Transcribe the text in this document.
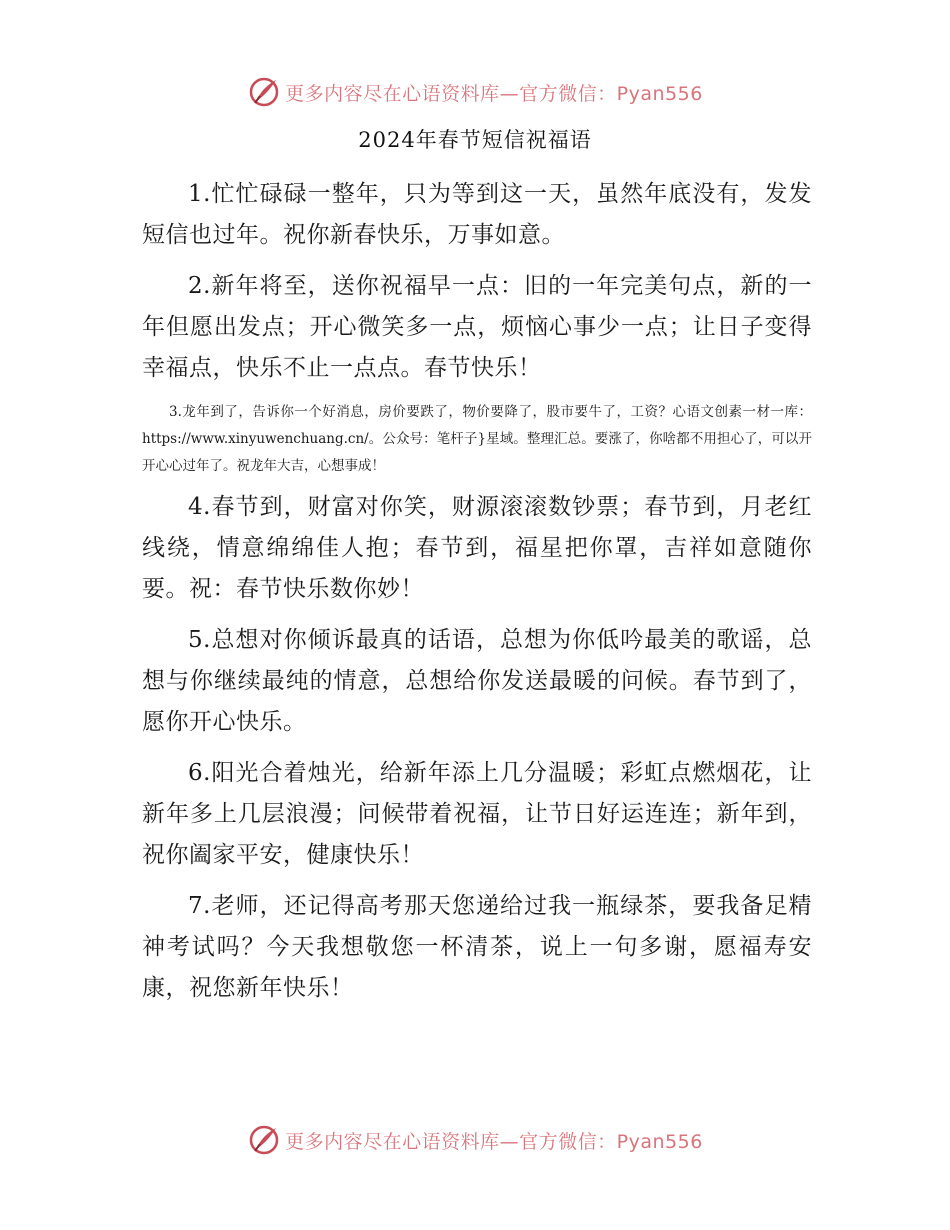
更多内容尽在心语资料库—官方微信：Pyan556
2024年春节短信祝福语

1.忙忙碌碌一整年，只为等到这一天，虽然年底没有，发发短信也过年。祝你新春快乐，万事如意。

2.新年将至，送你祝福早一点：旧的一年完美句点，新的一年但愿出发点；开心微笑多一点，烦恼心事少一点；让日子变得幸福点，快乐不止一点点。春节快乐！

3.龙年到了，告诉你一个好消息，房价要跌了，物价要降了，股市要牛了，工资？心语文创素一材一库：https://www.xinyuwenchuang.cn/。公众号：笔杆子}星域。整理汇总。要涨了，你啥都不用担心了，可以开开心心过年了。祝龙年大吉，心想事成！

4.春节到，财富对你笑，财源滚滚数钞票；春节到，月老红线绕，情意绵绵佳人抱；春节到，福星把你罩，吉祥如意随你要。祝：春节快乐数你妙！

5.总想对你倾诉最真的话语，总想为你低吟最美的歌谣，总想与你继续最纯的情意，总想给你发送最暖的问候。春节到了，愿你开心快乐。

6.阳光合着烛光，给新年添上几分温暖；彩虹点燃烟花，让新年多上几层浪漫；问候带着祝福，让节日好运连连；新年到，祝你阖家平安，健康快乐！

7.老师，还记得高考那天您递给过我一瓶绿茶，要我备足精神考试吗？今天我想敬您一杯清茶，说上一句多谢，愿福寿安康，祝您新年快乐！

更多内容尽在心语资料库—官方微信：Pyan556
